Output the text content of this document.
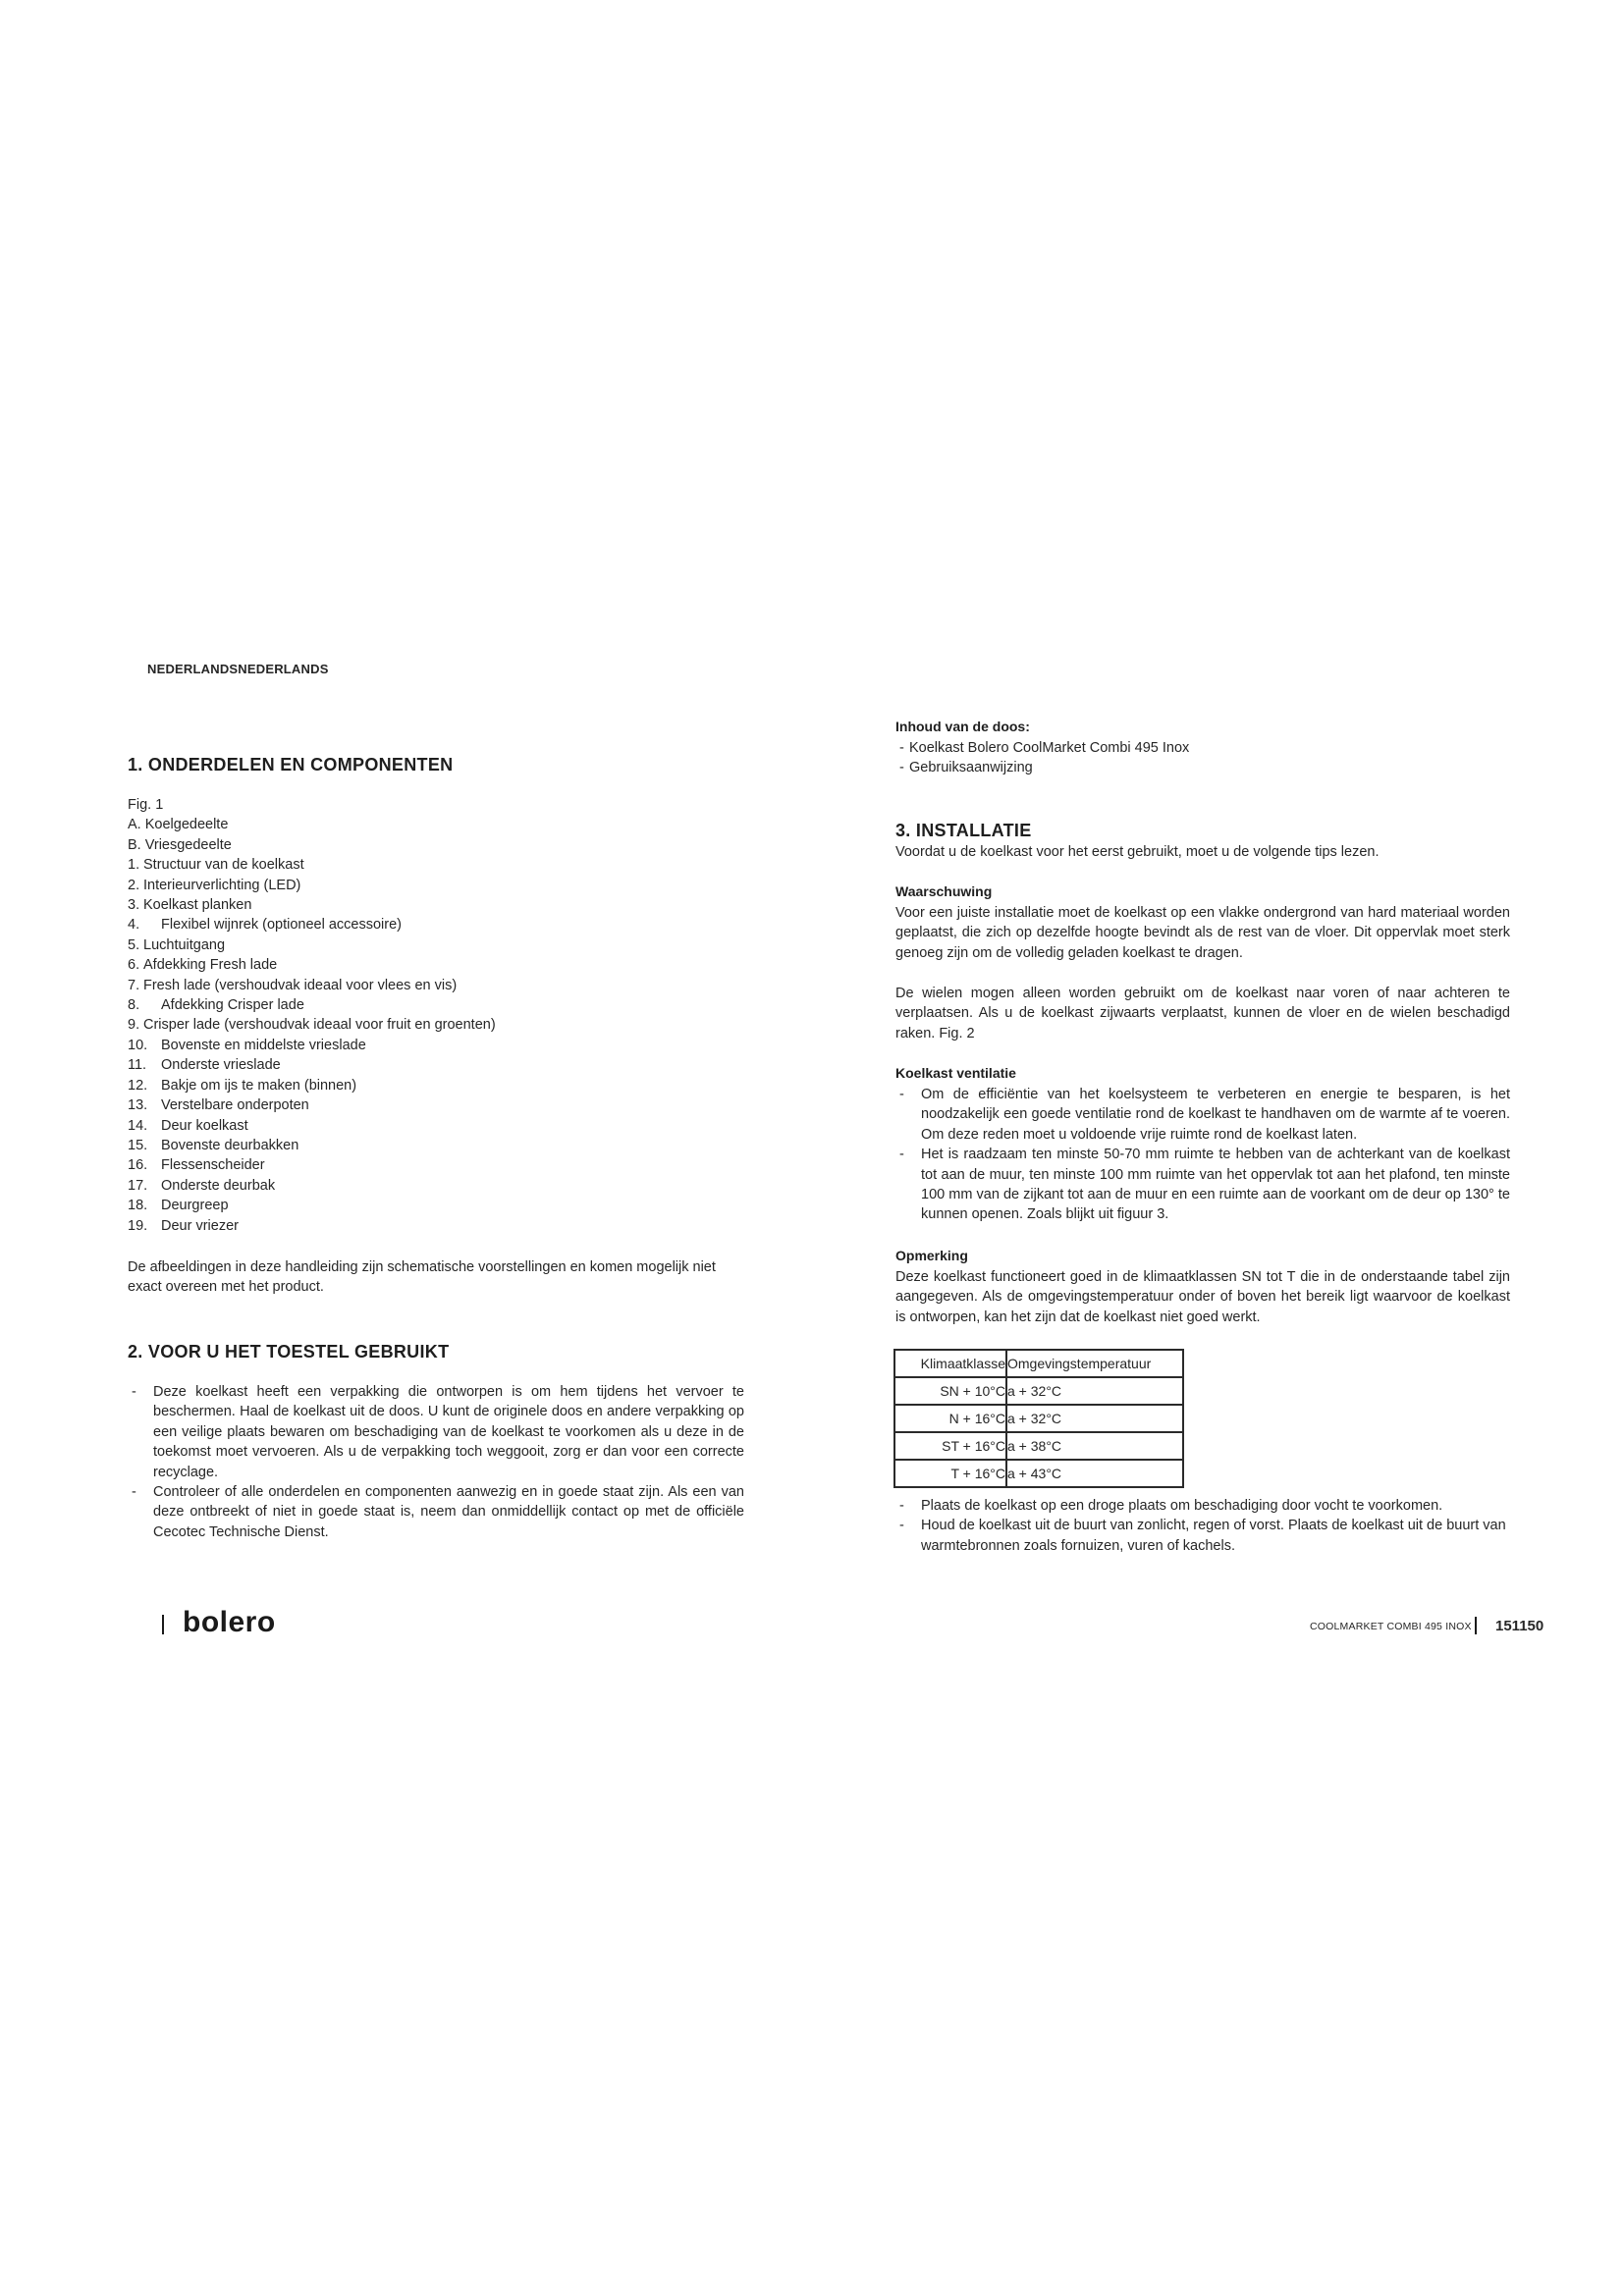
NEDERLANDSNEDERLANDS
1. ONDERDELEN EN COMPONENTEN
Fig. 1
A. Koelgedeelte
B. Vriesgedeelte
1. Structuur van de koelkast
2. Interieurverlichting (LED)
3. Koelkast planken
4. Flexibel wijnrek (optioneel accessoire)
5. Luchtuitgang
6. Afdekking Fresh lade
7. Fresh lade (vershoudvak ideaal voor vlees en vis)
8. Afdekking Crisper lade
9. Crisper lade (vershoudvak ideaal voor fruit en groenten)
10. Bovenste en middelste vrieslade
11. Onderste vrieslade
12. Bakje om ijs te maken (binnen)
13. Verstelbare onderpoten
14. Deur koelkast
15. Bovenste deurbakken
16. Flessenscheider
17. Onderste deurbak
18. Deurgreep
19. Deur vriezer
De afbeeldingen in deze handleiding zijn schematische voorstellingen en komen mogelijk niet exact overeen met het product.
2. VOOR U HET TOESTEL GEBRUIKT
- Deze koelkast heeft een verpakking die ontworpen is om hem tijdens het vervoer te beschermen. Haal de koelkast uit de doos. U kunt de originele doos en andere verpakking op een veilige plaats bewaren om beschadiging van de koelkast te voorkomen als u deze in de toekomst moet vervoeren. Als u de verpakking toch weggooit, zorg er dan voor een correcte recyclage.
- Controleer of alle onderdelen en componenten aanwezig en in goede staat zijn. Als een van deze ontbreekt of niet in goede staat is, neem dan onmiddellijk contact op met de officiële Cecotec Technische Dienst.
Inhoud van de doos:
- Koelkast Bolero CoolMarket Combi 495 Inox
- Gebruiksaanwijzing
3. INSTALLATIE
Voordat u de koelkast voor het eerst gebruikt, moet u de volgende tips lezen.
Waarschuwing
Voor een juiste installatie moet de koelkast op een vlakke ondergrond van hard materiaal worden geplaatst, die zich op dezelfde hoogte bevindt als de rest van de vloer. Dit oppervlak moet sterk genoeg zijn om de volledig geladen koelkast te dragen.
De wielen mogen alleen worden gebruikt om de koelkast naar voren of naar achteren te verplaatsen. Als u de koelkast zijwaarts verplaatst, kunnen de vloer en de wielen beschadigd raken. Fig. 2
Koelkast ventilatie
- Om de efficiëntie van het koelsysteem te verbeteren en energie te besparen, is het noodzakelijk een goede ventilatie rond de koelkast te handhaven om de warmte af te voeren. Om deze reden moet u voldoende vrije ruimte rond de koelkast laten.
- Het is raadzaam ten minste 50-70 mm ruimte te hebben van de achterkant van de koelkast tot aan de muur, ten minste 100 mm ruimte van het oppervlak tot aan het plafond, ten minste 100 mm van de zijkant tot aan de muur en een ruimte aan de voorkant om de deur op 130° te kunnen openen. Zoals blijkt uit figuur 3.
Opmerking
Deze koelkast functioneert goed in de klimaatklassen SN tot T die in de onderstaande tabel zijn aangegeven. Als de omgevingstemperatuur onder of boven het bereik ligt waarvoor de koelkast is ontworpen, kan het zijn dat de koelkast niet goed werkt.
Klimaatklasse	Omgevingstemperatuur
SN + 10°C	a + 32°C
N + 16°C	a + 32°C
ST + 16°C	a + 38°C
T + 16°C	a + 43°C
- Plaats de koelkast op een droge plaats om beschadiging door vocht te voorkomen.
- Houd de koelkast uit de buurt van zonlicht, regen of vorst. Plaats de koelkast uit de buurt van warmtebronnen zoals fornuizen, vuren of kachels.
bolero	COOLMARKET COMBI 495 INOX 151150
